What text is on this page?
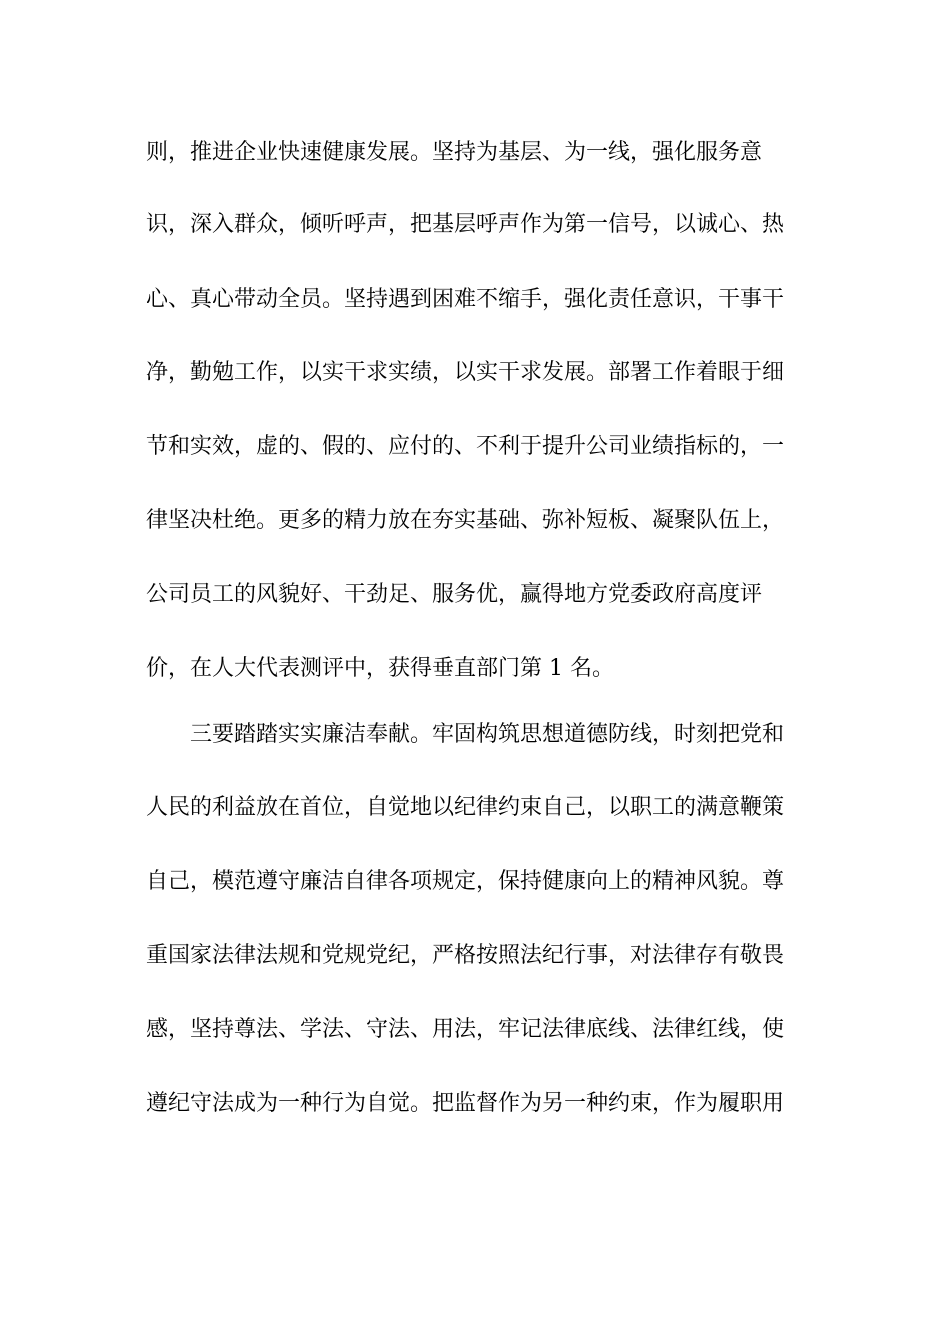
则，推进企业快速健康发展。坚持为基层、为一线，强化服务意
识，深入群众，倾听呼声，把基层呼声作为第一信号，以诚心、热
心、真心带动全员。坚持遇到困难不缩手，强化责任意识，干事干
净，勤勉工作，以实干求实绩，以实干求发展。部署工作着眼于细
节和实效，虚的、假的、应付的、不利于提升公司业绩指标的，一
律坚决杜绝。更多的精力放在夯实基础、弥补短板、凝聚队伍上，
公司员工的风貌好、干劲足、服务优，赢得地方党委政府高度评
价，在人大代表测评中，获得垂直部门第 1 名。
三要踏踏实实廉洁奉献。牢固构筑思想道德防线，时刻把党和
人民的利益放在首位，自觉地以纪律约束自己，以职工的满意鞭策
自己，模范遵守廉洁自律各项规定，保持健康向上的精神风貌。尊
重国家法律法规和党规党纪，严格按照法纪行事，对法律存有敬畏
感，坚持尊法、学法、守法、用法，牢记法律底线、法律红线，使
遵纪守法成为一种行为自觉。把监督作为另一种约束，作为履职用
